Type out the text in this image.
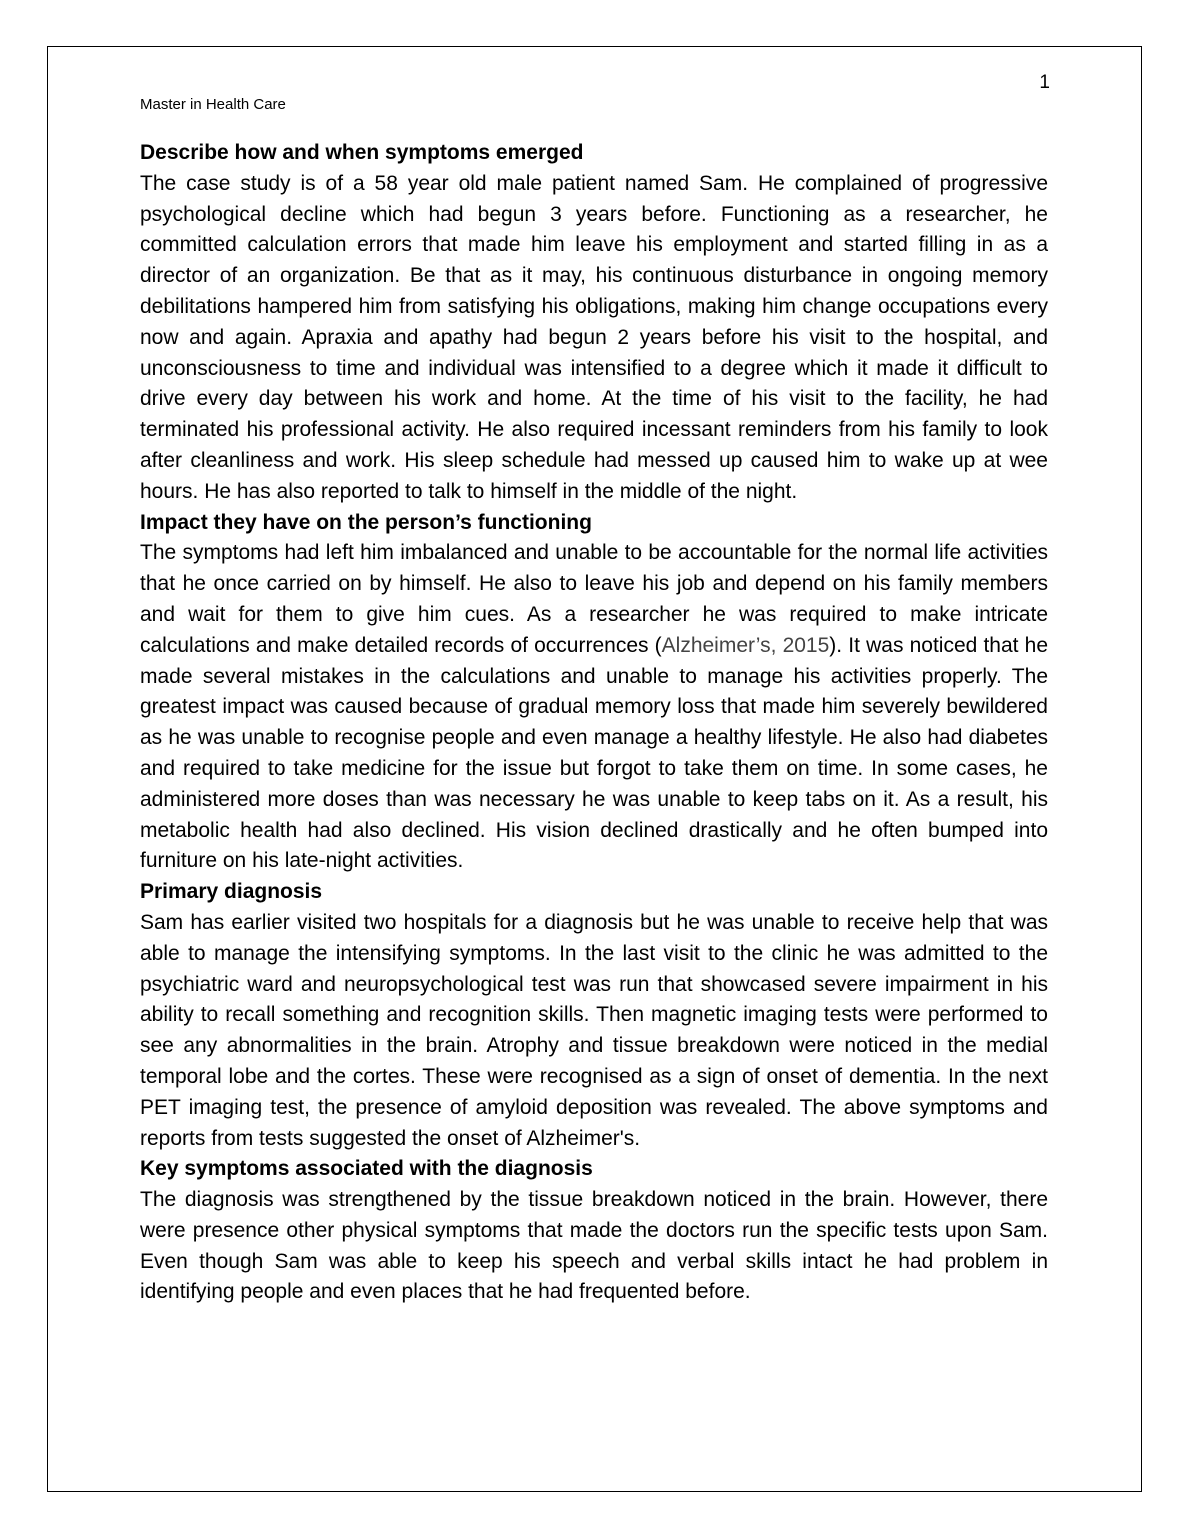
1
Master in Health Care
Describe how and when symptoms emerged

The case study is of a 58 year old male patient named Sam. He complained of progressive psychological decline which had begun 3 years before. Functioning as a researcher, he committed calculation errors that made him leave his employment and started filling in as a director of an organization. Be that as it may, his continuous disturbance in ongoing memory debilitations hampered him from satisfying his obligations, making him change occupations every now and again. Apraxia and apathy had begun 2 years before his visit to the hospital, and unconsciousness to time and individual was intensified to a degree which it made it difficult to drive every day between his work and home. At the time of his visit to the facility, he had terminated his professional activity. He also required incessant reminders from his family to look after cleanliness and work. His sleep schedule had messed up caused him to wake up at wee hours. He has also reported to talk to himself in the middle of the night.

Impact they have on the person’s functioning

The symptoms had left him imbalanced and unable to be accountable for the normal life activities that he once carried on by himself. He also to leave his job and depend on his family members and wait for them to give him cues. As a researcher he was required to make intricate calculations and make detailed records of occurrences (Alzheimer’s, 2015). It was noticed that he made several mistakes in the calculations and unable to manage his activities properly. The greatest impact was caused because of gradual memory loss that made him severely bewildered as he was unable to recognise people and even manage a healthy lifestyle. He also had diabetes and required to take medicine for the issue but forgot to take them on time. In some cases, he administered more doses than was necessary he was unable to keep tabs on it. As a result, his metabolic health had also declined. His vision declined drastically and he often bumped into furniture on his late-night activities.

Primary diagnosis

Sam has earlier visited two hospitals for a diagnosis but he was unable to receive help that was able to manage the intensifying symptoms. In the last visit to the clinic he was admitted to the psychiatric ward and neuropsychological test was run that showcased severe impairment in his ability to recall something and recognition skills. Then magnetic imaging tests were performed to see any abnormalities in the brain. Atrophy and tissue breakdown were noticed in the medial temporal lobe and the cortes. These were recognised as a sign of onset of dementia. In the next PET imaging test, the presence of amyloid deposition was revealed. The above symptoms and reports from tests suggested the onset of Alzheimer's.

Key symptoms associated with the diagnosis

The diagnosis was strengthened by the tissue breakdown noticed in the brain. However, there were presence other physical symptoms that made the doctors run the specific tests upon Sam. Even though Sam was able to keep his speech and verbal skills intact he had problem in identifying people and even places that he had frequented before.
